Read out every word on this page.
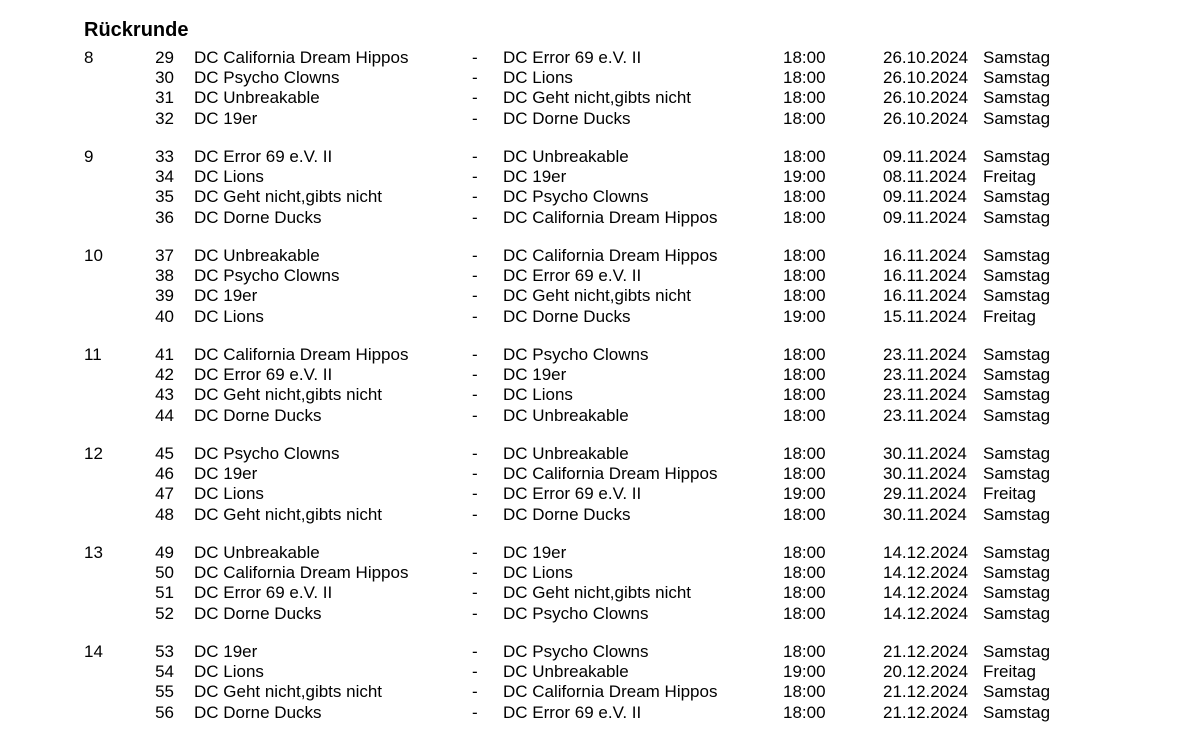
Rückrunde
8	29 DC California Dream Hippos	- DC Error 69 e.V. II	18:00	26.10.2024 Samstag
30 DC Psycho Clowns	- DC Lions	18:00	26.10.2024 Samstag
31 DC Unbreakable	- DC Geht nicht,gibts nicht	18:00	26.10.2024 Samstag
32 DC 19er	- DC Dorne Ducks	18:00	26.10.2024 Samstag
9	33 DC Error 69 e.V. II	- DC Unbreakable	18:00	09.11.2024 Samstag
34 DC Lions	- DC 19er	19:00	08.11.2024 Freitag
35 DC Geht nicht,gibts nicht	- DC Psycho Clowns	18:00	09.11.2024 Samstag
36 DC Dorne Ducks	- DC California Dream Hippos	18:00	09.11.2024 Samstag
10	37 DC Unbreakable	- DC California Dream Hippos	18:00	16.11.2024 Samstag
38 DC Psycho Clowns	- DC Error 69 e.V. II	18:00	16.11.2024 Samstag
39 DC 19er	- DC Geht nicht,gibts nicht	18:00	16.11.2024 Samstag
40 DC Lions	- DC Dorne Ducks	19:00	15.11.2024 Freitag
11	41 DC California Dream Hippos	- DC Psycho Clowns	18:00	23.11.2024 Samstag
42 DC Error 69 e.V. II	- DC 19er	18:00	23.11.2024 Samstag
43 DC Geht nicht,gibts nicht	- DC Lions	18:00	23.11.2024 Samstag
44 DC Dorne Ducks	- DC Unbreakable	18:00	23.11.2024 Samstag
12	45 DC Psycho Clowns	- DC Unbreakable	18:00	30.11.2024 Samstag
46 DC 19er	- DC California Dream Hippos	18:00	30.11.2024 Samstag
47 DC Lions	- DC Error 69 e.V. II	19:00	29.11.2024 Freitag
48 DC Geht nicht,gibts nicht	- DC Dorne Ducks	18:00	30.11.2024 Samstag
13	49 DC Unbreakable	- DC 19er	18:00	14.12.2024 Samstag
50 DC California Dream Hippos	- DC Lions	18:00	14.12.2024 Samstag
51 DC Error 69 e.V. II	- DC Geht nicht,gibts nicht	18:00	14.12.2024 Samstag
52 DC Dorne Ducks	- DC Psycho Clowns	18:00	14.12.2024 Samstag
14	53 DC 19er	- DC Psycho Clowns	18:00	21.12.2024 Samstag
54 DC Lions	- DC Unbreakable	19:00	20.12.2024 Freitag
55 DC Geht nicht,gibts nicht	- DC California Dream Hippos	18:00	21.12.2024 Samstag
56 DC Dorne Ducks	- DC Error 69 e.V. II	18:00	21.12.2024 Samstag
